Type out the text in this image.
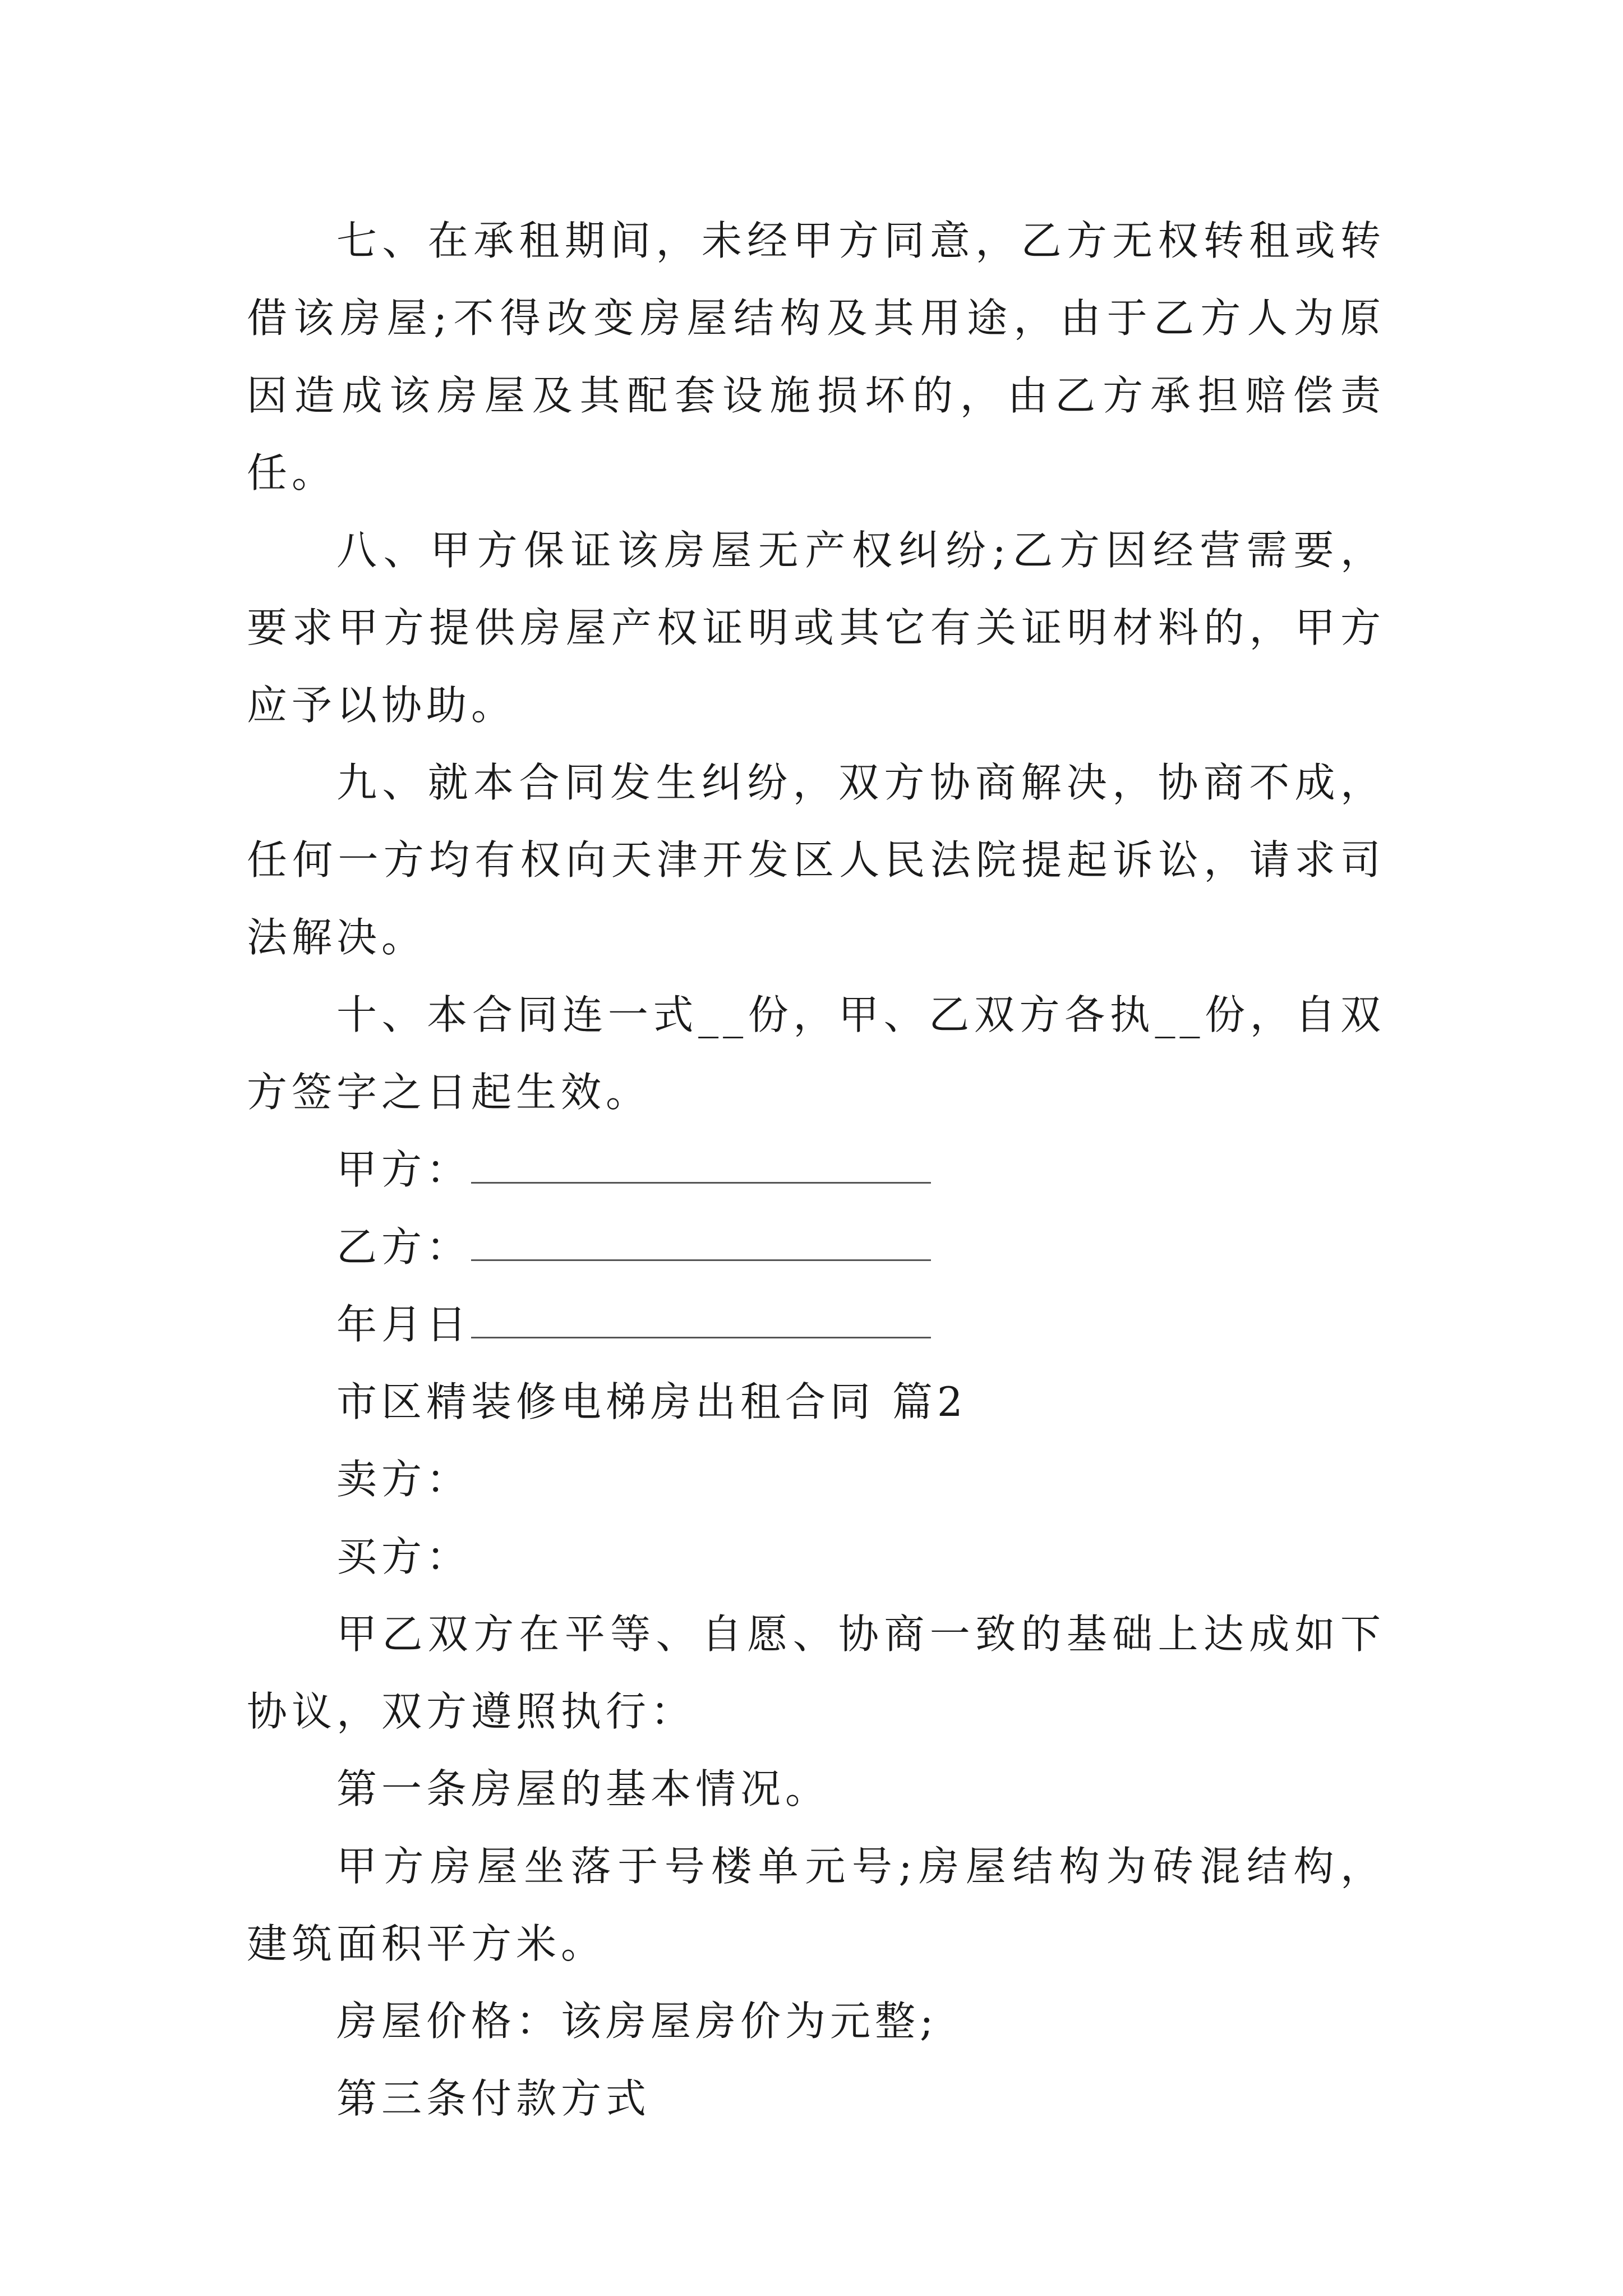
七、在承租期间，未经甲方同意，乙方无权转租或转借该房屋;不得改变房屋结构及其用途，由于乙方人为原因造成该房屋及其配套设施损坏的，由乙方承担赔偿责任。

八、甲方保证该房屋无产权纠纷;乙方因经营需要，要求甲方提供房屋产权证明或其它有关证明材料的，甲方应予以协助。

九、就本合同发生纠纷，双方协商解决，协商不成，任何一方均有权向天津开发区人民法院提起诉讼，请求司法解决。

十、本合同连一式__份，甲、乙双方各执__份，自双方签字之日起生效。

甲方：

乙方：

年月日

市区精装修电梯房出租合同 篇2

卖方：

买方：

甲乙双方在平等、自愿、协商一致的基础上达成如下协议，双方遵照执行：

第一条房屋的基本情况。

甲方房屋坐落于号楼单元号;房屋结构为砖混结构，建筑面积平方米。

房屋价格：该房屋房价为元整;

第三条付款方式
